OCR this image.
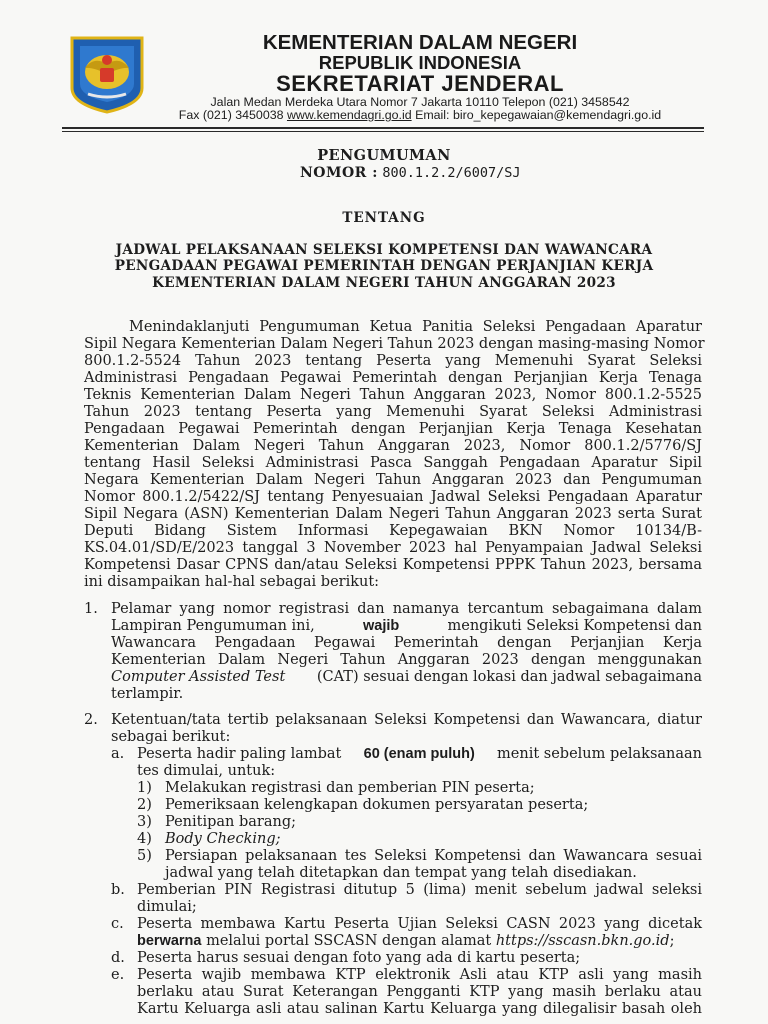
KEMENTERIAN DALAM NEGERI
REPUBLIK INDONESIA
SEKRETARIAT JENDERAL
Jalan Medan Merdeka Utara Nomor 7 Jakarta 10110 Telepon (021) 3458542
Fax (021) 3450038 www.kemendagri.go.id Email: biro_kepegawaian@kemendagri.go.id
PENGUMUMAN
NOMOR : 800.1.2.2/6007/SJ
TENTANG
JADWAL PELAKSANAAN SELEKSI KOMPETENSI DAN WAWANCARA
PENGADAAN PEGAWAI PEMERINTAH DENGAN PERJANJIAN KERJA
KEMENTERIAN DALAM NEGERI TAHUN ANGGARAN 2023
Menindaklanjuti Pengumuman Ketua Panitia Seleksi Pengadaan Aparatur
Sipil Negara Kementerian Dalam Negeri Tahun 2023 dengan masing-masing Nomor
800.1.2-5524 Tahun 2023 tentang Peserta yang Memenuhi Syarat Seleksi
Administrasi Pengadaan Pegawai Pemerintah dengan Perjanjian Kerja Tenaga
Teknis Kementerian Dalam Negeri Tahun Anggaran 2023, Nomor 800.1.2-5525
Tahun 2023 tentang Peserta yang Memenuhi Syarat Seleksi Administrasi
Pengadaan Pegawai Pemerintah dengan Perjanjian Kerja Tenaga Kesehatan
Kementerian Dalam Negeri Tahun Anggaran 2023, Nomor 800.1.2/5776/SJ
tentang Hasil Seleksi Administrasi Pasca Sanggah Pengadaan Aparatur Sipil
Negara Kementerian Dalam Negeri Tahun Anggaran 2023 dan Pengumuman
Nomor 800.1.2/5422/SJ tentang Penyesuaian Jadwal Seleksi Pengadaan Aparatur
Sipil Negara (ASN) Kementerian Dalam Negeri Tahun Anggaran 2023 serta Surat
Deputi Bidang Sistem Informasi Kepegawaian BKN Nomor 10134/B-
KS.04.01/SD/E/2023 tanggal 3 November 2023 hal Penyampaian Jadwal Seleksi
Kompetensi Dasar CPNS dan/atau Seleksi Kompetensi PPPK Tahun 2023, bersama
ini disampaikan hal-hal sebagai berikut:
1. Pelamar yang nomor registrasi dan namanya tercantum sebagaimana dalam
Lampiran Pengumuman ini,	wajib	mengikuti Seleksi Kompetensi dan
Wawancara Pengadaan Pegawai Pemerintah dengan Perjanjian Kerja
Kementerian Dalam Negeri Tahun Anggaran 2023 dengan menggunakan
Computer Assisted Test (CAT) sesuai dengan lokasi dan jadwal sebagaimana
terlampir.
2. Ketentuan/tata tertib pelaksanaan Seleksi Kompetensi dan Wawancara, diatur
sebagai berikut:
a. Peserta hadir paling lambat 60 (enam puluh) menit sebelum pelaksanaan
tes dimulai, untuk:
1) Melakukan registrasi dan pemberian PIN peserta;
2) Pemeriksaan kelengkapan dokumen persyaratan peserta;
3) Penitipan barang;
4) Body Checking;
5) Persiapan pelaksanaan tes Seleksi Kompetensi dan Wawancara sesuai
jadwal yang telah ditetapkan dan tempat yang telah disediakan.
b. Pemberian PIN Registrasi ditutup 5 (lima) menit sebelum jadwal seleksi
dimulai;
c. Peserta membawa Kartu Peserta Ujian Seleksi CASN 2023 yang dicetak
berwarna melalui portal SSCASN dengan alamat https://sscasn.bkn.go.id;
d. Peserta harus sesuai dengan foto yang ada di kartu peserta;
e. Peserta wajib membawa KTP elektronik Asli atau KTP asli yang masih
berlaku atau Surat Keterangan Pengganti KTP yang masih berlaku atau
Kartu Keluarga asli atau salinan Kartu Keluarga yang dilegalisir basah oleh
